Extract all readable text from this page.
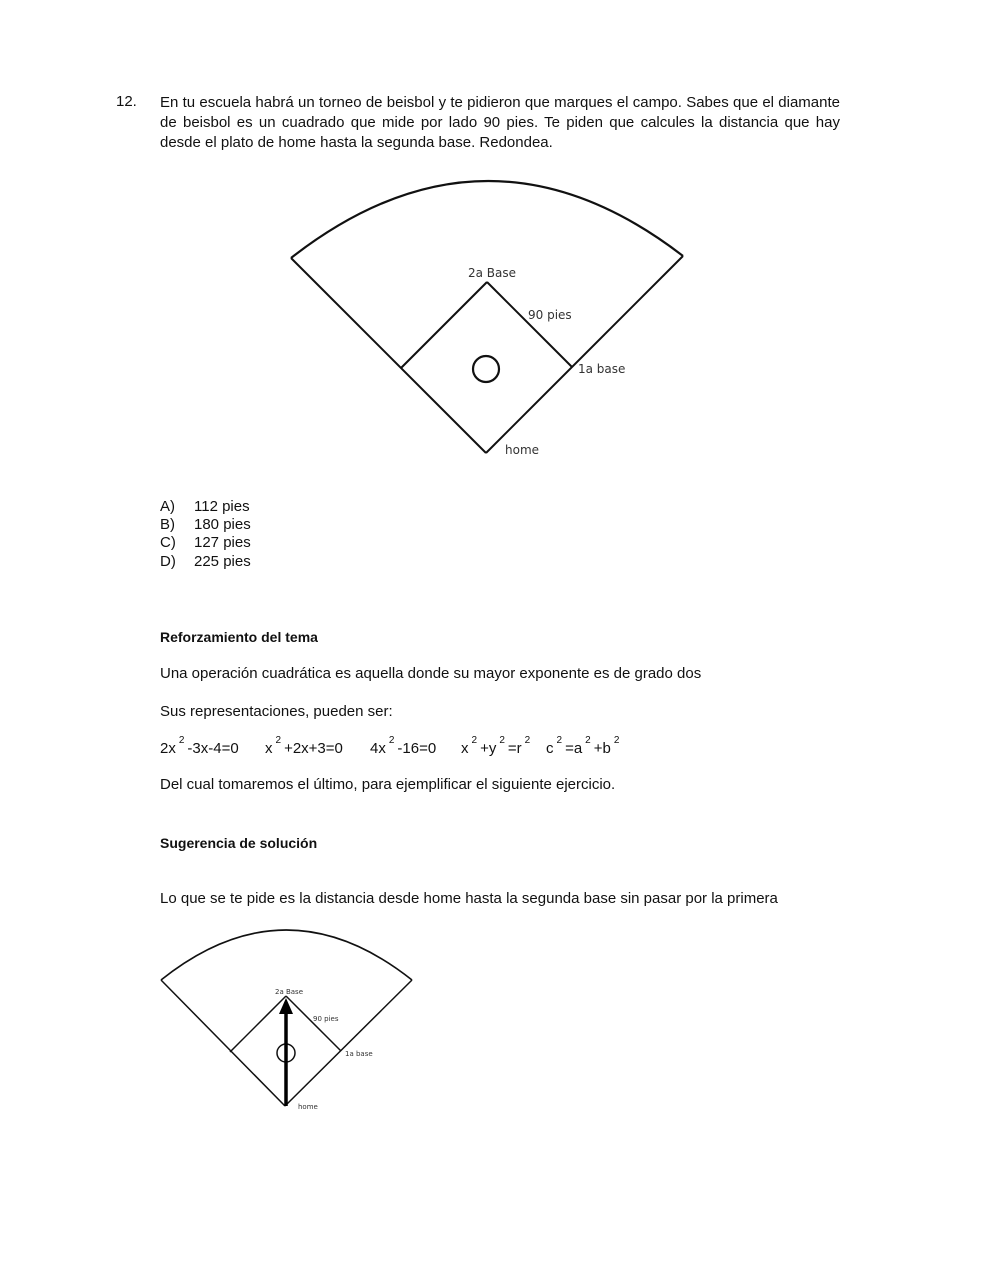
12. En tu escuela habrá un torneo de beisbol y te pidieron que marques el campo. Sabes que el diamante de beisbol es un cuadrado que mide por lado 90 pies. Te piden que calcules la distancia que hay desde el plato de home hasta la segunda base. Redondea.
2a Base
90 pies
1a base
home
A) 112 pies
B) 180 pies
C) 127 pies
D) 225 pies
Reforzamiento del tema
Una operación cuadrática es aquella donde su mayor exponente es de grado dos
Sus representaciones, pueden ser:
2x $^2$ -3x-4=0 x $^2$ +2x+3=0 4x $^2$ -16=0 x $^2$ +y $^2$ =r $^2$ c $^2$ =a $^2$ +b $^2$
Del cual tomaremos el último, para ejemplificar el siguiente ejercicio.
Sugerencia de solución
Lo que se te pide es la distancia desde home hasta la segunda base sin pasar por la primera
2a Base
90 pies
1a base
home
